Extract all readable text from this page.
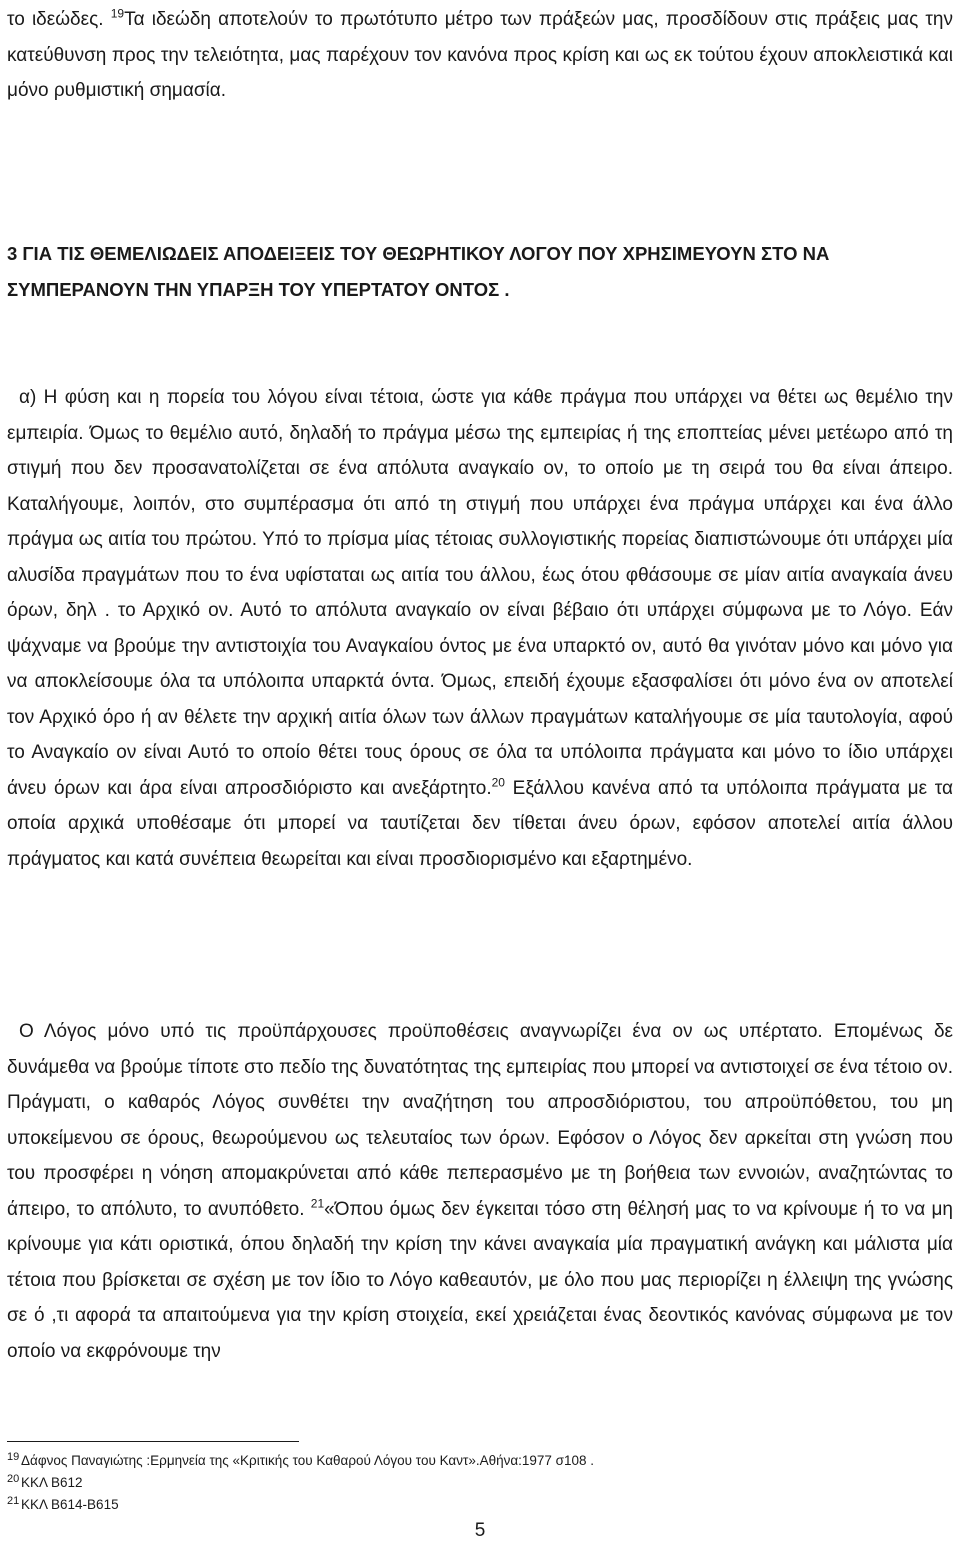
το ιδεώδες. $^{19}$Τα ιδεώδη αποτελούν το πρωτότυπο μέτρο των πράξεών μας, προσδίδουν στις πράξεις μας την κατεύθυνση προς την τελειότητα, μας παρέχουν τον κανόνα προς κρίση και ως εκ τούτου έχουν αποκλειστικά και μόνο ρυθμιστική σημασία.

3 ΓΙΑ ΤΙΣ ΘΕΜΕΛΙΩΔΕΙΣ ΑΠΟΔΕΙΞΕΙΣ ΤΟΥ ΘΕΩΡΗΤΙΚΟΥ ΛΟΓΟΥ ΠΟΥ ΧΡΗΣΙΜΕΥΟΥΝ ΣΤΟ ΝΑ ΣΥΜΠΕΡΑΝΟΥΝ ΤΗΝ ΥΠΑΡΞΗ ΤΟΥ ΥΠΕΡΤΑΤΟΥ ΟΝΤΟΣ .

α) Η φύση και η πορεία του λόγου είναι τέτοια, ώστε για κάθε πράγμα που υπάρχει να θέτει ως θεμέλιο την εμπειρία. Όμως το θεμέλιο αυτό, δηλαδή το πράγμα μέσω της εμπειρίας ή της εποπτείας μένει μετέωρο από τη στιγμή που δεν προσανατολίζεται σε ένα απόλυτα αναγκαίο ον, το οποίο με τη σειρά του θα είναι άπειρο. Καταλήγουμε, λοιπόν, στο συμπέρασμα ότι από τη στιγμή που υπάρχει ένα πράγμα υπάρχει και ένα άλλο πράγμα ως αιτία του πρώτου. Υπό το πρίσμα μίας τέτοιας συλλογιστικής πορείας διαπιστώνουμε ότι υπάρχει μία αλυσίδα πραγμάτων που το ένα υφίσταται ως αιτία του άλλου, έως ότου φθάσουμε σε μίαν αιτία αναγκαία άνευ όρων, δηλ . το Αρχικό ον. Αυτό το απόλυτα αναγκαίο ον είναι βέβαιο ότι υπάρχει σύμφωνα με το Λόγο. Εάν ψάχναμε να βρούμε την αντιστοιχία του Αναγκαίου όντος με ένα υπαρκτό ον, αυτό θα γινόταν μόνο και μόνο για να αποκλείσουμε όλα τα υπόλοιπα υπαρκτά όντα. Όμως, επειδή έχουμε εξασφαλίσει ότι μόνο ένα ον αποτελεί τον Αρχικό όρο ή αν θέλετε την αρχική αιτία όλων των άλλων πραγμάτων καταλήγουμε σε μία ταυτολογία, αφού το Αναγκαίο ον είναι Αυτό το οποίο θέτει τους όρους σε όλα τα υπόλοιπα πράγματα και μόνο το ίδιο υπάρχει άνευ όρων και άρα είναι απροσδιόριστο και ανεξάρτητο.$^{20}$ Εξάλλου κανένα από τα υπόλοιπα πράγματα με τα οποία αρχικά υποθέσαμε ότι μπορεί να ταυτίζεται δεν τίθεται άνευ όρων, εφόσον αποτελεί αιτία άλλου πράγματος και κατά συνέπεια θεωρείται και είναι προσδιορισμένο και εξαρτημένο.

Ο Λόγος μόνο υπό τις προϋπάρχουσες προϋποθέσεις αναγνωρίζει ένα ον ως υπέρτατο. Επομένως δε δυνάμεθα να βρούμε τίποτε στο πεδίο της δυνατότητας της εμπειρίας που μπορεί να αντιστοιχεί σε ένα τέτοιο ον. Πράγματι, ο καθαρός Λόγος συνθέτει την αναζήτηση του απροσδιόριστου, του απροϋπόθετου, του μη υποκείμενου σε όρους, θεωρούμενου ως τελευταίος των όρων. Εφόσον ο Λόγος δεν αρκείται στη γνώση που του προσφέρει η νόηση απομακρύνεται από κάθε πεπερασμένο με τη βοήθεια των εννοιών, αναζητώντας το άπειρο, το απόλυτο, το ανυπόθετο. $^{21}$«Όπου όμως δεν έγκειται τόσο στη θέλησή μας το να κρίνουμε ή το να μη κρίνουμε για κάτι οριστικά, όπου δηλαδή την κρίση την κάνει αναγκαία μία πραγματική ανάγκη και μάλιστα μία τέτοια που βρίσκεται σε σχέση με τον ίδιο το Λόγο καθεαυτόν, με όλο που μας περιορίζει η έλλειψη της γνώσης σε ό ,τι αφορά τα απαιτούμενα για την κρίση στοιχεία, εκεί χρειάζεται ένας δεοντικός κανόνας σύμφωνα με τον οποίο να εκφρόνουμε την

19 Δάφνος Παναγιώτης :Ερμηνεία της «Κριτικής του Καθαρού Λόγου του Καντ».Αθήνα:1977 σ108 .

20 ΚΚΛ Β612

21 ΚΚΛ Β614-Β615

5
